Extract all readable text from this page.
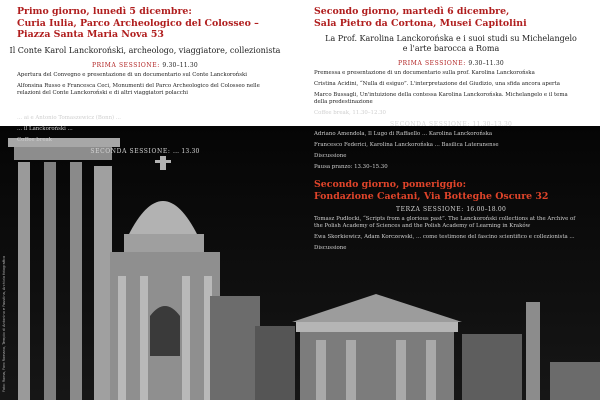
Foto: Roma, Foro Romano, Tempio di Antonino e Faustina, Archivio fotografico
Primo giorno, lunedì 5 dicembre:
Curia Iulia, Parco Archeologico del Colosseo –
Piazza Santa Maria Nova 53
Il Conte Karol Lanckoroński, archeologo, viaggiatore, collezionista
PRIMA SESSIONE: 9.30–11.30
Apertura del Convegno e presentazione di un documentario sul Conte Lanckoroński
Alfonsina Russo e Francesca Ceci, Monumenti del Parco Archeologico del Colosseo nelle relazioni del Conte Lanckoroński e di altri viaggiatori polacchi
... ai e Antonio Tomaszewicz (Bonn) ...
... il Lanckoroński ...
Coffee break
SECONDA SESSIONE: ... 13.30
Secondo giorno, martedì 6 dicembre,
Sala Pietro da Cortona, Musei Capitolini
La Prof. Karolina Lanckorońska e i suoi studi su Michelangelo
e l'arte barocca a Roma
PRIMA SESSIONE: 9.30–11.30
Premessa e presentazione di un documentario sulla prof. Karolina Lanckorońska
Cristina Acidini, “Nulla di esiguo”. L'interpretazione del Giudizio, una sfida ancora aperta
Marco Bussagli, Un'intuizione della contessa Karolina Lanckorońska. Michelangelo e il tema della predestinazione
Coffee break, 11.30–12.30
SECONDA SESSIONE: 11.30–13.30
Adriano Amendola, Il Lugo di Raffaello ... Karolina Lanckorońska
Francesco Federici, Karolina Lanckorońska ... Basilica Lateranense
Discussione
Pausa pranzo: 13.30–15.30
Secondo giorno, pomeriggio:
Fondazione Caetani, Via Botteghe Oscure 32
TERZA SESSIONE: 16.00–18.00
Tomasz Pudłocki, “Scripts from a glorious past”. The Lanckoroński collections at the Archive of the Polish Academy of Sciences and the Polish Academy of Learning in Kraków
Ewa Skorkiewicz, Adam Korczewski, ... come testimone del fascino scientifico e collezionista ...
Discussione
